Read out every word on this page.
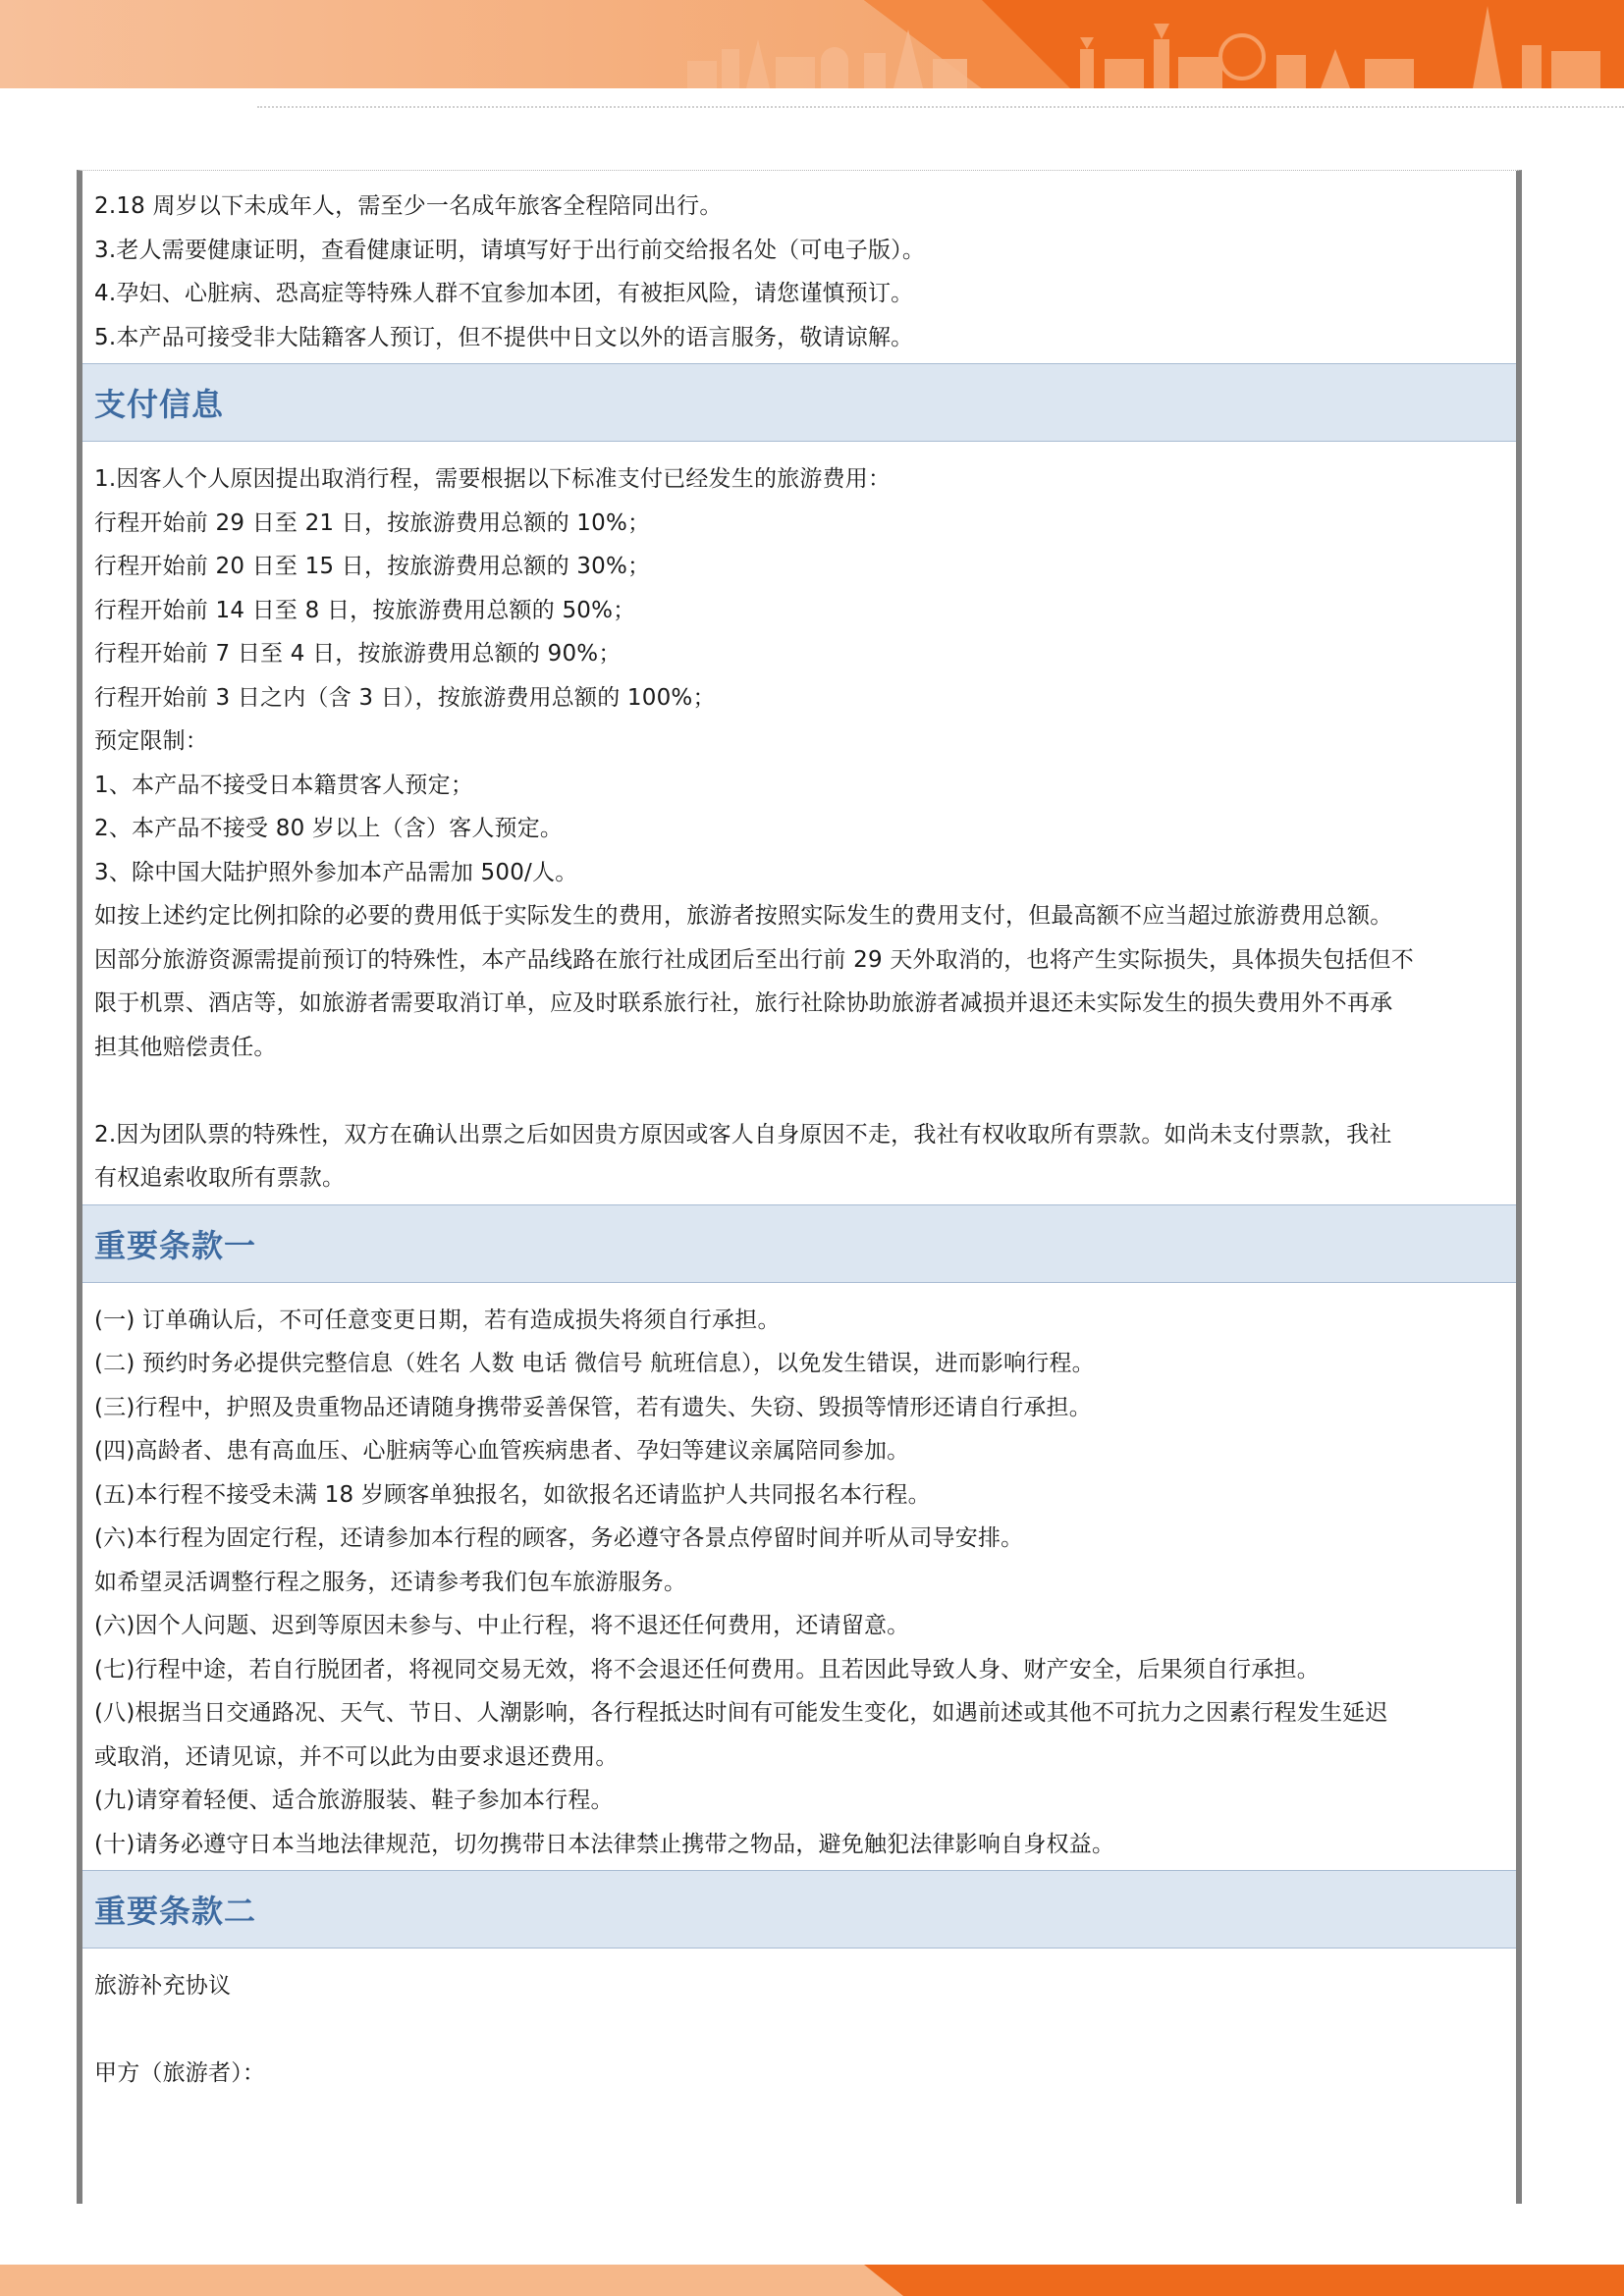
2.18 周岁以下未成年人，需至少一名成年旅客全程陪同出行。
3.老人需要健康证明，查看健康证明，请填写好于出行前交给报名处（可电子版）。
4.孕妇、心脏病、恐高症等特殊人群不宜参加本团，有被拒风险，请您谨慎预订。
5.本产品可接受非大陆籍客人预订，但不提供中日文以外的语言服务，敬请谅解。
支付信息
1.因客人个人原因提出取消行程，需要根据以下标准支付已经发生的旅游费用：
行程开始前 29 日至 21 日，按旅游费用总额的 10%；
行程开始前 20 日至 15 日，按旅游费用总额的 30%；
行程开始前 14 日至 8 日，按旅游费用总额的 50%；
行程开始前 7 日至 4 日，按旅游费用总额的 90%；
行程开始前 3 日之内（含 3 日），按旅游费用总额的 100%；
预定限制：
1、本产品不接受日本籍贯客人预定；
2、本产品不接受 80 岁以上（含）客人预定。
3、除中国大陆护照外参加本产品需加 500/人。
如按上述约定比例扣除的必要的费用低于实际发生的费用，旅游者按照实际发生的费用支付，但最高额不应当超过旅游费用总额。
因部分旅游资源需提前预订的特殊性，本产品线路在旅行社成团后至出行前 29 天外取消的，也将产生实际损失，具体损失包括但不
限于机票、酒店等，如旅游者需要取消订单，应及时联系旅行社，旅行社除协助旅游者减损并退还未实际发生的损失费用外不再承
担其他赔偿责任。
2.因为团队票的特殊性，双方在确认出票之后如因贵方原因或客人自身原因不走，我社有权收取所有票款。如尚未支付票款，我社
有权追索收取所有票款。
重要条款一
(一) 订单确认后，不可任意变更日期，若有造成损失将须自行承担。
(二) 预约时务必提供完整信息（姓名 人数 电话 微信号 航班信息），以免发生错误，进而影响行程。
(三)行程中，护照及贵重物品还请随身携带妥善保管，若有遗失、失窃、毁损等情形还请自行承担。
(四)高龄者、患有高血压、心脏病等心血管疾病患者、孕妇等建议亲属陪同参加。
(五)本行程不接受未满 18 岁顾客单独报名，如欲报名还请监护人共同报名本行程。
(六)本行程为固定行程，还请参加本行程的顾客，务必遵守各景点停留时间并听从司导安排。
如希望灵活调整行程之服务，还请参考我们包车旅游服务。
(六)因个人问题、迟到等原因未参与、中止行程，将不退还任何费用，还请留意。
(七)行程中途，若自行脱团者，将视同交易无效，将不会退还任何费用。且若因此导致人身、财产安全，后果须自行承担。
(八)根据当日交通路况、天气、节日、人潮影响，各行程抵达时间有可能发生变化，如遇前述或其他不可抗力之因素行程发生延迟
或取消，还请见谅，并不可以此为由要求退还费用。
(九)请穿着轻便、适合旅游服装、鞋子参加本行程。
(十)请务必遵守日本当地法律规范，切勿携带日本法律禁止携带之物品，避免触犯法律影响自身权益。
重要条款二
旅游补充协议
甲方（旅游者）：
